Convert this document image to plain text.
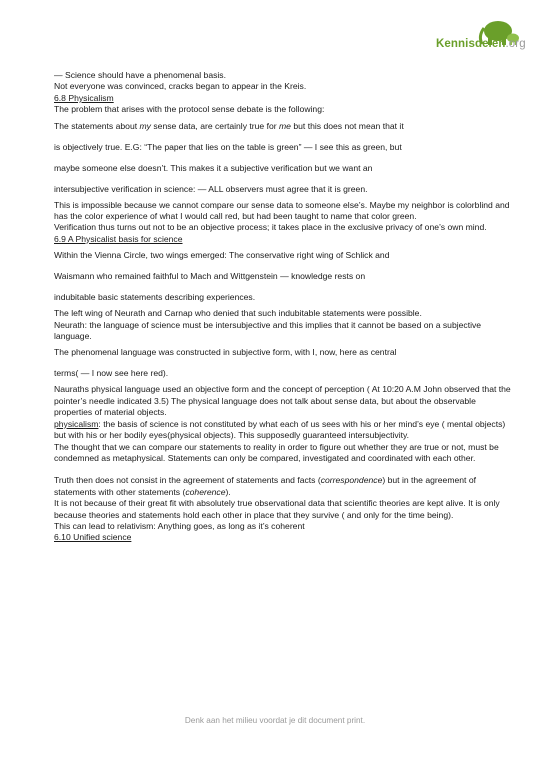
Kennisdelen.org

— Science should have a phenomenal basis.

Not everyone was convinced, cracks began to appear in the Kreis.

6.8 Physicalism

The problem that arises with the protocol sense debate is the following:

The statements about my sense data, are certainly true for me but this does not mean that it

is objectively true. E.G: “The paper that lies on the table is green” — I see this as green, but

maybe someone else doesn’t. This makes it a subjective verification but we want an

intersubjective verification in science: — ALL observers must agree that it is green.

This is impossible because we cannot compare our sense data to someone else’s. Maybe my neighbor is colorblind and has the color experience of what I would call red, but had been taught to name that color green.

Verification thus turns out not to be an objective process; it takes place in the exclusive privacy of one’s own mind.

6.9 A Physicalist basis for science

Within the Vienna Circle, two wings emerged: The conservative right wing of Schlick and

Waismann who remained faithful to Mach and Wittgenstein — knowledge rests on

indubitable basic statements describing experiences.

The left wing of Neurath and Carnap who denied that such indubitable statements were possible.

Neurath: the language of science must be intersubjective and this implies that it cannot be based on a subjective language.

The phenomenal language was constructed in subjective form, with I, now, here as central

terms( — I now see here red).

Nauraths physical language used an objective form and the concept of perception ( At 10:20 A.M John observed that the pointer’s needle indicated 3.5) The physical language does not talk about sense data, but about the observable properties of material objects.

physicalism: the basis of science is not constituted by what each of us sees with his or her mind’s eye ( mental objects) but with his or her bodily eyes(physical objects). This supposedly guaranteed intersubjectivity.

The thought that we can compare our statements to reality in order to figure out whether they are true or not, must be condemned as metaphysical. Statements can only be compared, investigated and coordinated with each other.

Truth then does not consist in the agreement of statements and facts (correspondence) but in the agreement of statements with other statements (coherence).

It is not because of their great fit with absolutely true observational data that scientific theories are kept alive. It is only because theories and statements hold each other in place that they survive ( and only for the time being).

This can lead to relativism: Anything goes, as long as it’s coherent

6.10 Unified science

Denk aan het milieu voordat je dit document print.
